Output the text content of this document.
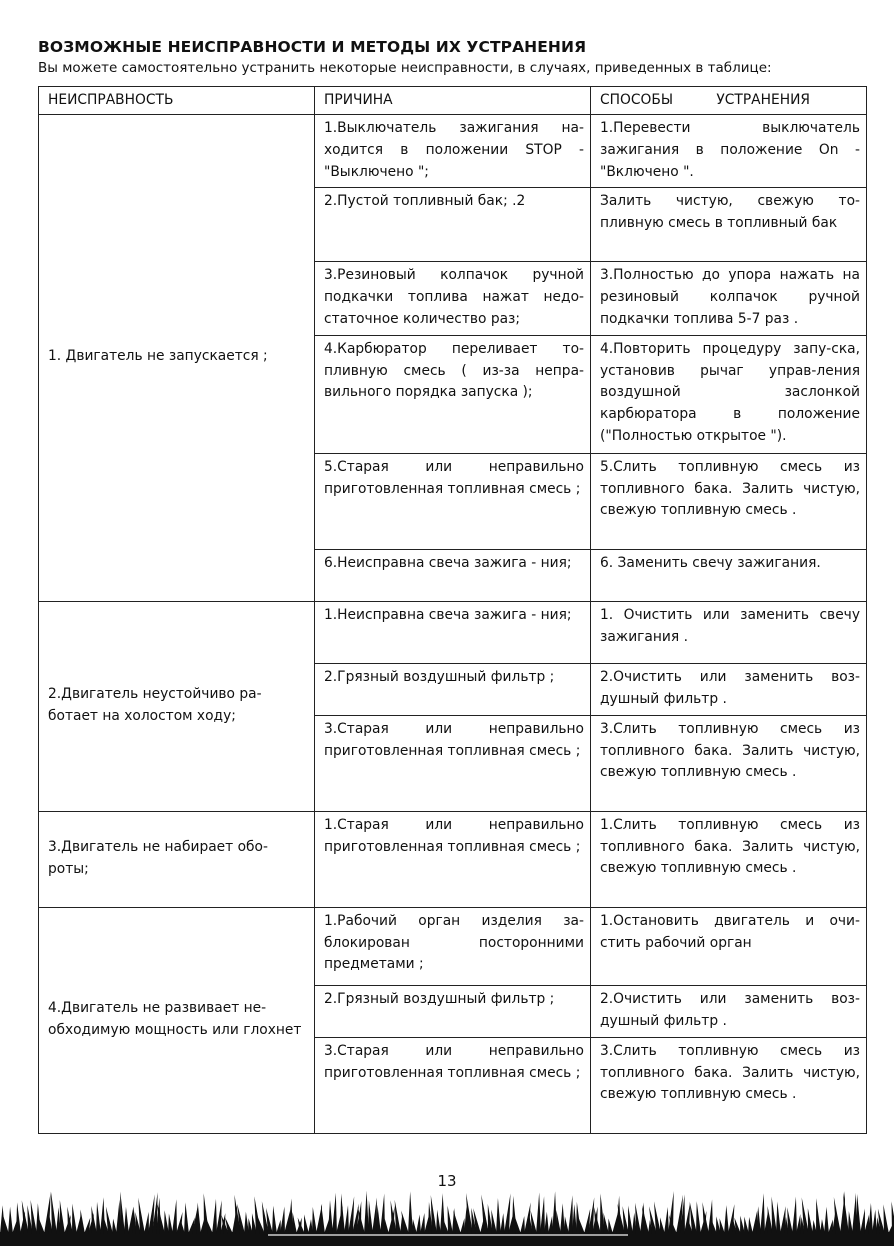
ВОЗМОЖНЫЕ НЕИСПРАВНОСТИ И МЕТОДЫ ИХ УСТРАНЕНИЯ
Вы можете самостоятельно устранить некоторые неисправности, в случаях, приведенных в таблице:
НЕИСПРАВНОСТЬ	ПРИЧИНА	СПОСОБЫ УСТРАНЕНИЯ

1. Двигатель не запускается ;	1.Выключатель зажигания на-ходится в положении STOP - "Выключено ";	1.Перевести выключатель зажигания в положение On - "Включено ".
	2.Пустой топливный бак; .2	Залить чистую, свежую то-пливную смесь в топливный бак
	3.Резиновый колпачок ручной подкачки топлива нажат недо-статочное количество раз;	3.Полностью до упора нажать на резиновый колпачок ручной подкачки топлива 5-7 раз .
	4.Карбюратор переливает то-пливную смесь ( из-за непра-вильного порядка запуска );	4.Повторить процедуру запу-ска, установив рычаг управ-ления воздушной заслонкой карбюратора в положение ("Полностью открытое ").
	5.Старая или неправильно приготовленная топливная смесь ;	5.Слить топливную смесь из топливного бака. Залить чистую, свежую топливную смесь .
	6.Неисправна свеча зажига - ния;	6. Заменить свечу зажигания.
2.Двигатель неустойчиво ра-ботает на холостом ходу;	1.Неисправна свеча зажига - ния;	1. Очистить или заменить свечу зажигания .
	2.Грязный воздушный фильтр ;	2.Очистить или заменить воз-душный фильтр .
	3.Старая или неправильно приготовленная топливная смесь ;	3.Слить топливную смесь из топливного бака. Залить чистую, свежую топливную смесь .
3.Двигатель не набирает обо-роты;	1.Старая или неправильно приготовленная топливная смесь ;	1.Слить топливную смесь из топливного бака. Залить чистую, свежую топливную смесь .
4.Двигатель не развивает не-обходимую мощность или глохнет	1.Рабочий орган изделия за-блокирован посторонними предметами ;	1.Остановить двигатель и очи-стить рабочий орган
	2.Грязный воздушный фильтр ;	2.Очистить или заменить воз-душный фильтр .
	3.Старая или неправильно приготовленная топливная смесь ;	3.Слить топливную смесь из топливного бака. Залить чистую, свежую топливную смесь .
13
